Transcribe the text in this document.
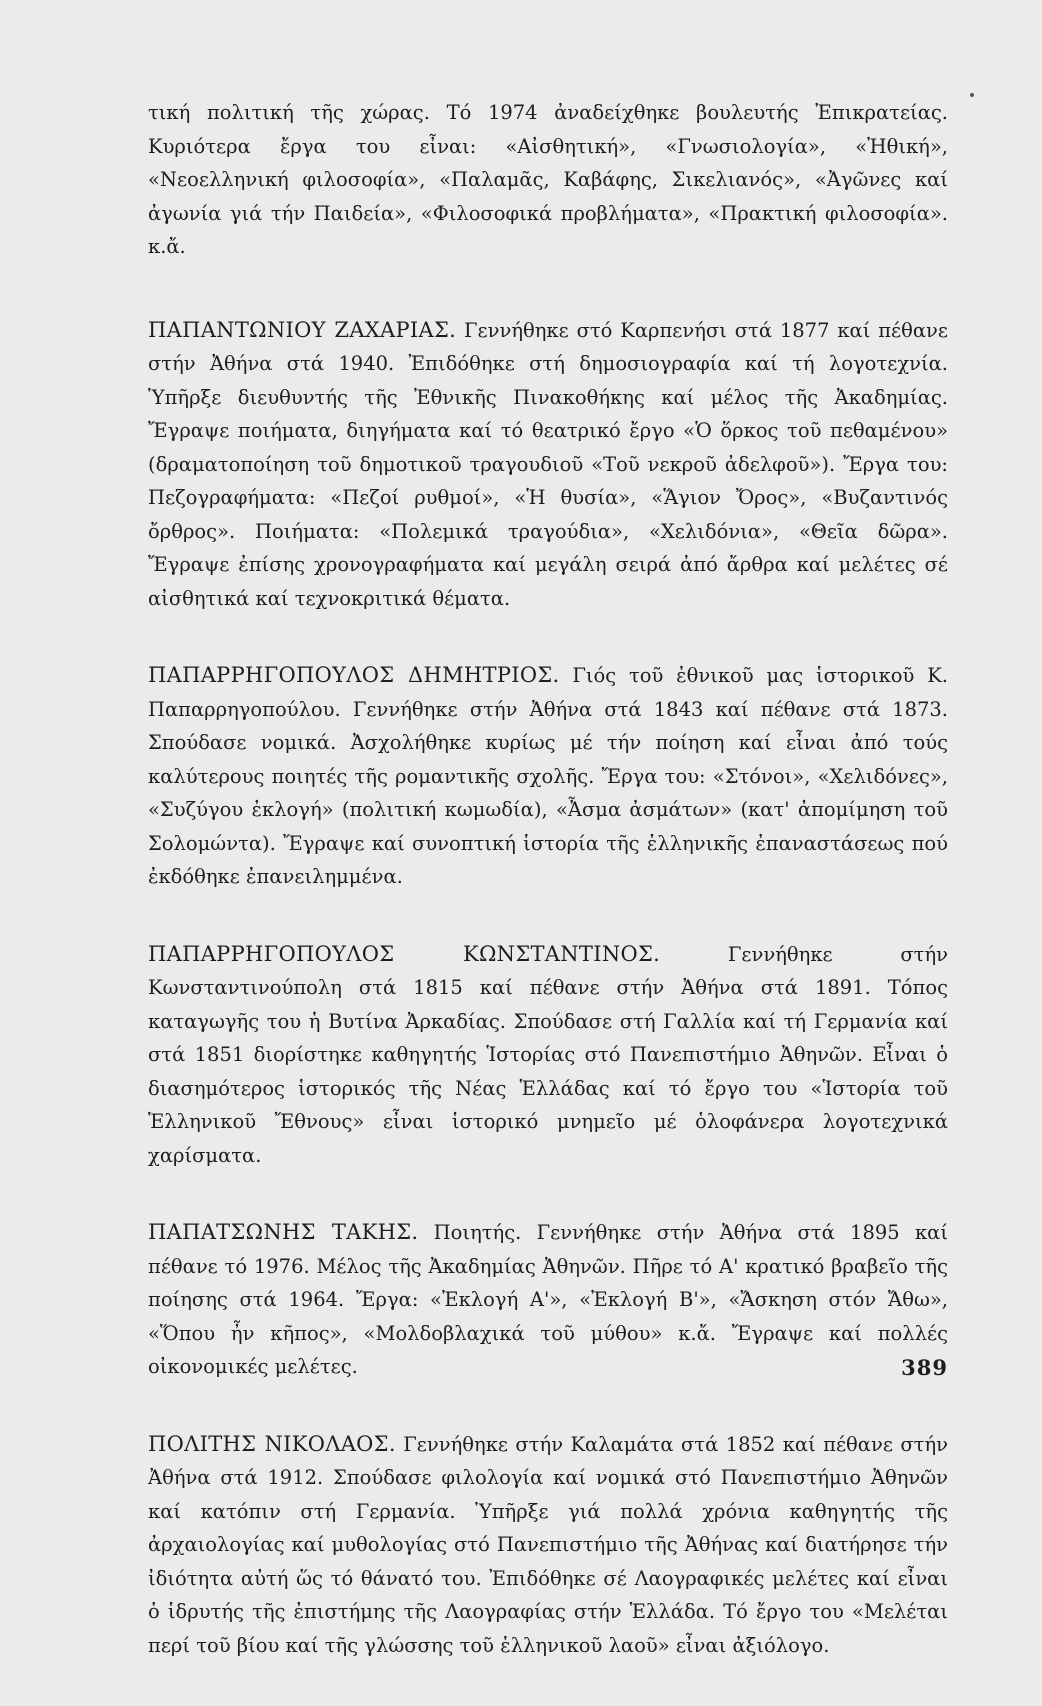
τική πολιτική τῆς χώρας. Τό 1974 ἀναδείχθηκε βουλευτής Ἐπικρατείας. Κυριότερα ἔργα του εἶναι: «Αἰσθητική», «Γνωσιολογία», «Ἠθική», «Νεοελληνική φιλοσοφία», «Παλαμᾶς, Καβάφης, Σικελιανός», «Ἀγῶνες καί ἀγωνία γιά τήν Παιδεία», «Φιλοσοφικά προβλήματα», «Πρακτική φιλοσοφία». κ.ἄ.

ΠΑΠΑΝΤΩΝΙΟΥ ΖΑΧΑΡΙΑΣ. Γεννήθηκε στό Καρπενήσι στά 1877 καί πέθανε στήν Ἀθήνα στά 1940. Ἐπιδόθηκε στή δημοσιογραφία καί τή λογοτεχνία. Ὑπῆρξε διευθυντής τῆς Ἐθνικῆς Πινακοθήκης καί μέλος τῆς Ἀκαδημίας. Ἔγραψε ποιήματα, διηγήματα καί τό θεατρικό ἔργο «Ὁ ὅρκος τοῦ πεθαμένου» (δραματοποίηση τοῦ δημοτικοῦ τραγουδιοῦ «Τοῦ νεκροῦ ἀδελφοῦ»). Ἔργα του: Πεζογραφήματα: «Πεζοί ρυθμοί», «Ἡ θυσία», «Ἅγιον Ὄρος», «Βυζαντινός ὄρθρος». Ποιήματα: «Πολεμικά τραγούδια», «Χελιδόνια», «Θεῖα δῶρα». Ἔγραψε ἐπίσης χρονογραφήματα καί μεγάλη σειρά ἀπό ἄρθρα καί μελέτες σέ αἰσθητικά καί τεχνοκριτικά θέματα.

ΠΑΠΑΡΡΗΓΟΠΟΥΛΟΣ ΔΗΜΗΤΡΙΟΣ. Γιός τοῦ ἐθνικοῦ μας ἱστορικοῦ Κ. Παπαρρηγοπούλου. Γεννήθηκε στήν Ἀθήνα στά 1843 καί πέθανε στά 1873. Σπούδασε νομικά. Ἀσχολήθηκε κυρίως μέ τήν ποίηση καί εἶναι ἀπό τούς καλύτερους ποιητές τῆς ρομαντικῆς σχολῆς. Ἔργα του: «Στόνοι», «Χελιδόνες», «Συζύγου ἐκλογή» (πολιτική κωμωδία), «Ἆσμα ἀσμάτων» (κατ' ἀπομίμηση τοῦ Σολομώντα). Ἔγραψε καί συνοπτική ἱστορία τῆς ἑλληνικῆς ἐπαναστάσεως πού ἐκδόθηκε ἐπανειλημμένα.

ΠΑΠΑΡΡΗΓΟΠΟΥΛΟΣ ΚΩΝΣΤΑΝΤΙΝΟΣ.	Γεννήθηκε στήν Κωνσταντινούπολη στά 1815 καί πέθανε στήν Ἀθήνα στά 1891. Τόπος καταγωγῆς του ἡ Βυτίνα Ἀρκαδίας. Σπούδασε στή Γαλλία καί τή Γερμανία καί στά 1851 διορίστηκε καθηγητής Ἱστορίας στό Πανεπιστήμιο Ἀθηνῶν. Εἶναι ὁ διασημότερος ἱστορικός τῆς Νέας Ἑλλάδας καί τό ἔργο του «Ἱστορία τοῦ Ἑλληνικοῦ Ἔθνους» εἶναι ἱστορικό μνημεῖο μέ ὁλοφάνερα λογοτεχνικά χαρίσματα.

ΠΑΠΑΤΣΩΝΗΣ ΤΑΚΗΣ. Ποιητής. Γεννήθηκε στήν Ἀθήνα στά 1895 καί πέθανε τό 1976. Μέλος τῆς Ἀκαδημίας Ἀθηνῶν. Πῆρε τό Α' κρατικό βραβεῖο τῆς ποίησης στά 1964. Ἔργα: «Ἐκλογή Α'», «Ἐκλογή Β'», «Ἄσκηση στόν Ἄθω», «Ὅπου ἦν κῆπος», «Μολδοβλαχικά τοῦ μύθου» κ.ἄ. Ἔγραψε καί πολλές οἰκονομικές μελέτες.

ΠΟΛΙΤΗΣ ΝΙΚΟΛΑΟΣ. Γεννήθηκε στήν Καλαμάτα στά 1852 καί πέθανε στήν Ἀθήνα στά 1912. Σπούδασε φιλολογία καί νομικά στό Πανεπιστήμιο Ἀθηνῶν καί κατόπιν στή Γερμανία. Ὑπῆρξε γιά πολλά χρόνια καθηγητής τῆς ἀρχαιολογίας καί μυθολογίας στό Πανεπιστήμιο τῆς Ἀθήνας καί διατήρησε τήν ἰδιότητα αὐτή ὥς τό θάνατό του. Ἐπιδόθηκε σέ Λαογραφικές μελέτες καί εἶναι ὁ ἱδρυτής τῆς ἐπιστήμης τῆς Λαογραφίας στήν Ἑλλάδα. Τό ἔργο του «Μελέται περί τοῦ βίου καί τῆς γλώσσης τοῦ ἑλληνικοῦ λαοῦ» εἶναι ἀξιόλογο.

389
